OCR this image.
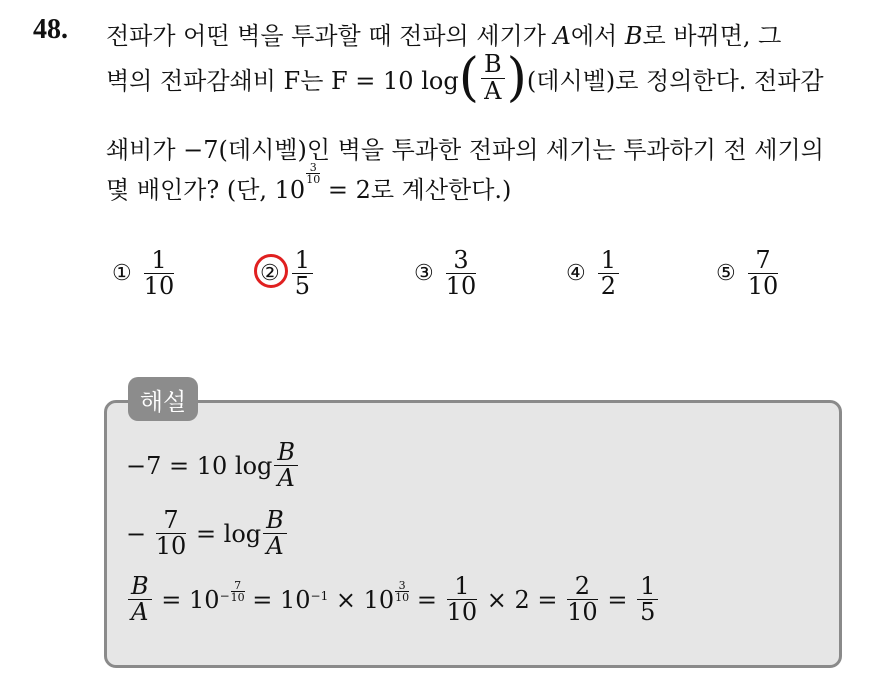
48. 전파가 어떤 벽을 투과할 때 전파의 세기가 A에서 B로 바뀌면, 그
벽의 전파감쇄비 F는 F = 10 log ( $\frac{B}{A}$ ) (데시벨)로 정의한다. 전파감
쇄비가 −7(데시벨)인 벽을 투과한 전파의 세기는 투과하기 전 세기의
몇 배인가? (단, 10
$\frac{3}{10}$
= 2로 계산한다.)
① $\frac{1}{10}$	② $\frac{1}{5}$	③ $\frac{3}{10}$	④ $\frac{1}{2}$	⑤ $\frac{7}{10}$
해설
−7 = 10 $\log \frac{B}{A}$
−
$\frac{7}{10}$
= $\log \frac{B}{A}$
$\frac{B}{A}$
= $10 - \frac{7}{10}$
= 10 −1
× $10 \frac{3}{10}$
=
$\frac{1}{10}$
× 2 =
$\frac{2}{10}$
=
$\frac{1}{5}$
